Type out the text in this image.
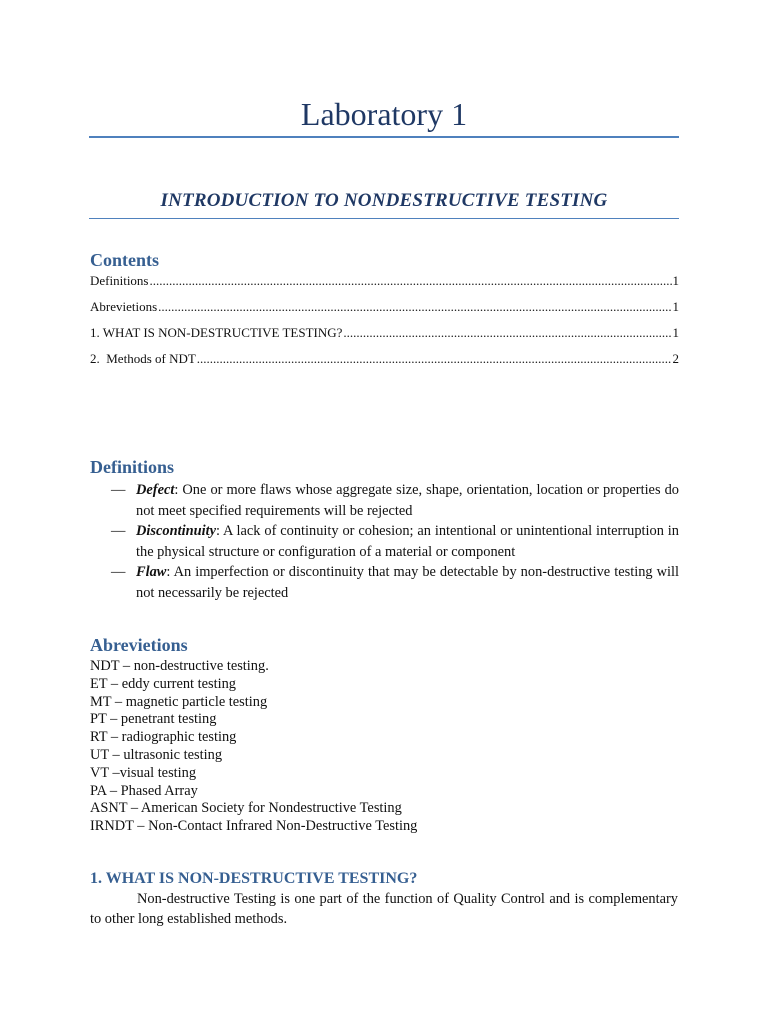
Laboratory 1
INTRODUCTION TO NONDESTRUCTIVE TESTING
Contents
Definitions .....	1
Abrevietions .....	1
1. WHAT IS NON-DESTRUCTIVE TESTING? .....	1
2.  Methods of NDT .....	2
Definitions
— Defect: One or more flaws whose aggregate size, shape, orientation, location or properties do not meet specified requirements will be rejected
— Discontinuity: A lack of continuity or cohesion; an intentional or unintentional interruption in the physical structure or configuration of a material or component
— Flaw: An imperfection or discontinuity that may be detectable by non-destructive testing will not necessarily be rejected
Abrevietions
NDT – non-destructive testing.
ET – eddy current testing
MT – magnetic particle testing
PT – penetrant testing
RT – radiographic testing
UT – ultrasonic testing
VT –visual testing
PA – Phased Array
ASNT – American Society for Nondestructive Testing
IRNDT – Non-Contact Infrared Non-Destructive Testing
1. WHAT IS NON-DESTRUCTIVE TESTING?
Non-destructive Testing is one part of the function of Quality Control and is complementary to other long established methods.
